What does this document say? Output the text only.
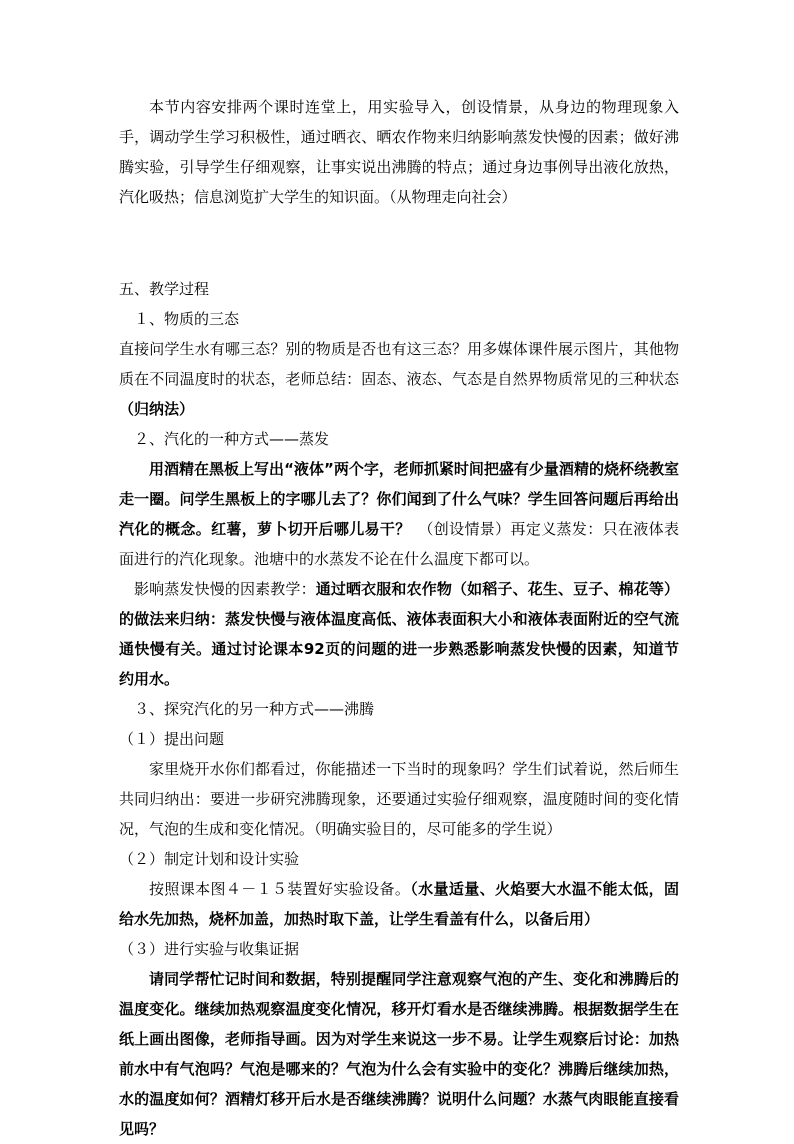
本节内容安排两个课时连堂上，用实验导入，创设情景，从身边的物理现象入手，调动学生学习积极性，通过晒衣、晒农作物来归纳影响蒸发快慢的因素；做好沸腾实验，引导学生仔细观察，让事实说出沸腾的特点；通过身边事例导出液化放热，汽化吸热；信息浏览扩大学生的知识面。（从物理走向社会）

五、教学过程

１、物质的三态

直接问学生水有哪三态？别的物质是否也有这三态？用多媒体课件展示图片，其他物质在不同温度时的状态，老师总结：固态、液态、气态是自然界物质常见的三种状态（归纳法）

２、汽化的一种方式——蒸发

用酒精在黑板上写出“液体”两个字，老师抓紧时间把盛有少量酒精的烧杯绕教室走一圈。问学生黑板上的字哪儿去了？你们闻到了什么气味？学生回答问题后再给出汽化的概念。红薯，萝卜切开后哪儿易干？　（创设情景）再定义蒸发：只在液体表面进行的汽化现象。池塘中的水蒸发不论在什么温度下都可以。

影响蒸发快慢的因素教学：通过晒衣服和农作物（如稻子、花生、豆子、棉花等）的做法来归纳：蒸发快慢与液体温度高低、液体表面积大小和液体表面附近的空气流通快慢有关。通过讨论课本92页的问题的进一步熟悉影响蒸发快慢的因素，知道节约用水。

３、探究汽化的另一种方式——沸腾

（１）提出问题

家里烧开水你们都看过，你能描述一下当时的现象吗？学生们试着说，然后师生共同归纳出：要进一步研究沸腾现象，还要通过实验仔细观察，温度随时间的变化情况，气泡的生成和变化情况。（明确实验目的，尽可能多的学生说）

（２）制定计划和设计实验

按照课本图４－１５装置好实验设备。（水量适量、火焰要大水温不能太低，固给水先加热，烧杯加盖，加热时取下盖，让学生看盖有什么，以备后用）

（３）进行实验与收集证据

请同学帮忙记时间和数据，特别提醒同学注意观察气泡的产生、变化和沸腾后的温度变化。继续加热观察温度变化情况，移开灯看水是否继续沸腾。根据数据学生在纸上画出图像，老师指导画。因为对学生来说这一步不易。让学生观察后讨论：加热前水中有气泡吗？气泡是哪来的？气泡为什么会有实验中的变化？沸腾后继续加热，水的温度如何？酒精灯移开后水是否继续沸腾？说明什么问题？水蒸气肉眼能直接看见吗？
